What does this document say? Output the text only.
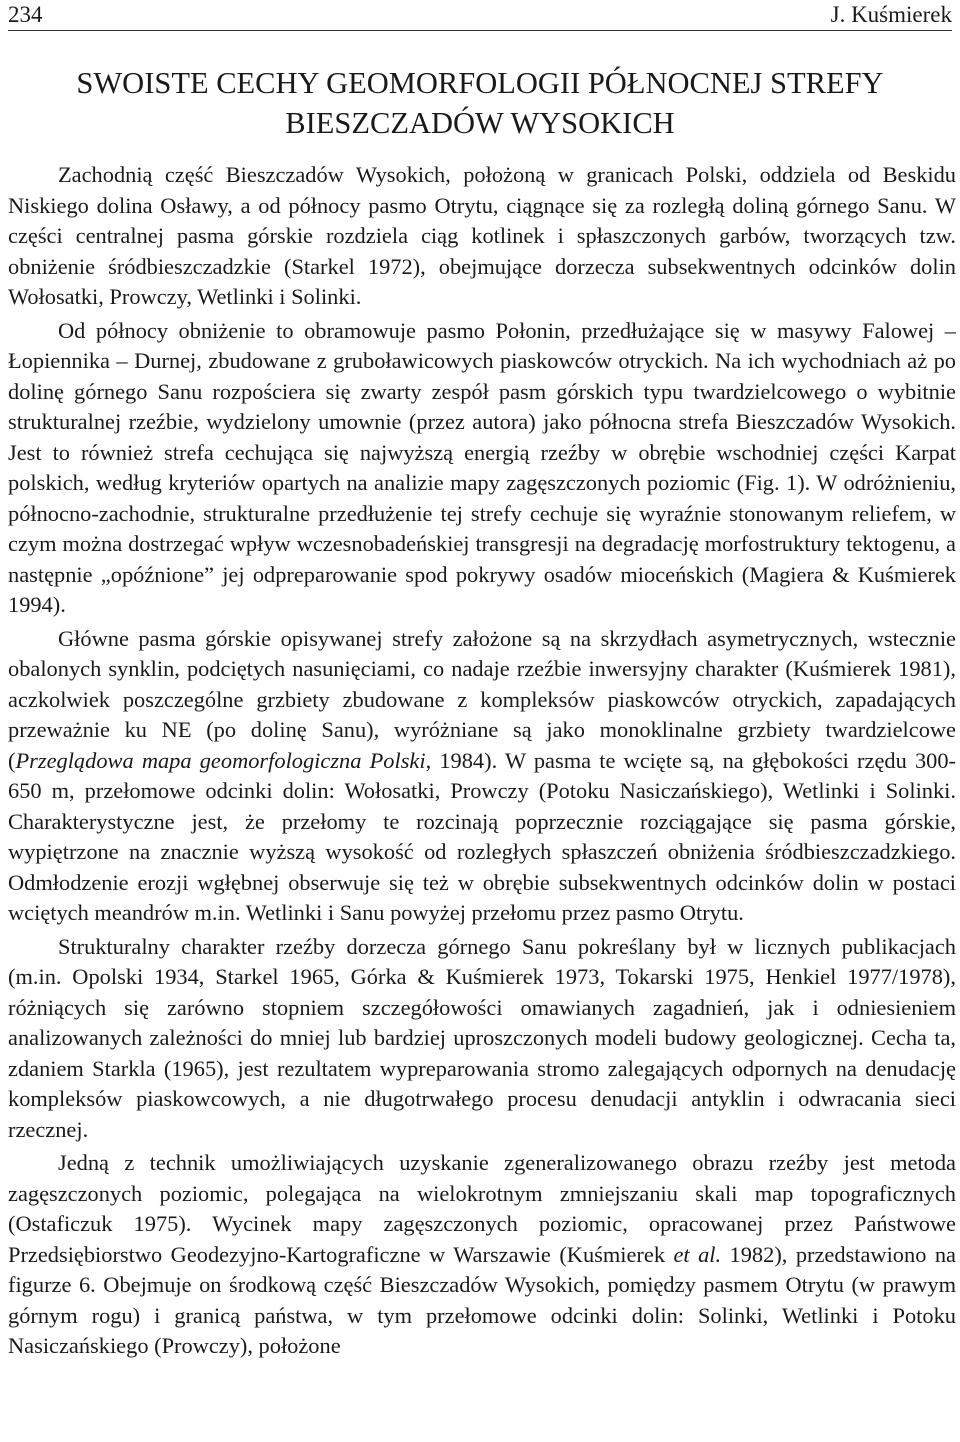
234	J. Kuśmierek
SWOISTE CECHY GEOMORFOLOGII PÓŁNOCNEJ STREFY
BIESZCZADÓW WYSOKICH

Zachodnią część Bieszczadów Wysokich, położoną w granicach Polski, oddziela od Beskidu Niskiego dolina Osławy, a od północy pasmo Otrytu, ciągnące się za rozległą doliną górnego Sanu. W części centralnej pasma górskie rozdziela ciąg kotlinek i spłaszczonych garbów, tworzących tzw. obniżenie śródbieszczadzkie (Starkel 1972), obejmujące dorzecza subsekwentnych odcinków dolin Wołosatki, Prowczy, Wetlinki i Solinki.

Od północy obniżenie to obramowuje pasmo Połonin, przedłużające się w masywy Falowej – Łopiennika – Durnej, zbudowane z gruboławicowych piaskowców otryckich. Na ich wychodniach aż po dolinę górnego Sanu rozpościera się zwarty zespół pasm górskich typu twardzielcowego o wybitnie strukturalnej rzeźbie, wydzielony umownie (przez autora) jako północna strefa Bieszczadów Wysokich. Jest to również strefa cechująca się najwyższą energią rzeźby w obrębie wschodniej części Karpat polskich, według kryteriów opartych na analizie mapy zagęszczonych poziomic (Fig. 1). W odróżnieniu, północno-zachodnie, strukturalne przedłużenie tej strefy cechuje się wyraźnie stonowanym reliefem, w czym można dostrzegać wpływ wczesnobadeńskiej transgresji na degradację morfostruktury tektogenu, a następnie „opóźnione” jej odpreparowanie spod pokrywy osadów mioceńskich (Magiera & Kuśmierek 1994).

Główne pasma górskie opisywanej strefy założone są na skrzydłach asymetrycznych, wstecznie obalonych synklin, podciętych nasunięciami, co nadaje rzeźbie inwersyjny charakter (Kuśmierek 1981), aczkolwiek poszczególne grzbiety zbudowane z kompleksów piaskowców otryckich, zapadających przeważnie ku NE (po dolinę Sanu), wyróżniane są jako monoklinalne grzbiety twardzielcowe (Przeglądowa mapa geomorfologiczna Polski, 1984). W pasma te wcięte są, na głębokości rzędu 300-650 m, przełomowe odcinki dolin: Wołosatki, Prowczy (Potoku Nasiczańskiego), Wetlinki i Solinki. Charakterystyczne jest, że przełomy te rozcinają poprzecznie rozciągające się pasma górskie, wypiętrzone na znacznie wyższą wysokość od rozległych spłaszczeń obniżenia śródbieszczadzkiego. Odmłodzenie erozji wgłębnej obserwuje się też w obrębie subsekwentnych odcinków dolin w postaci wciętych meandrów m.in. Wetlinki i Sanu powyżej przełomu przez pasmo Otrytu.

Strukturalny charakter rzeźby dorzecza górnego Sanu pokreślany był w licznych publikacjach (m.in. Opolski 1934, Starkel 1965, Górka & Kuśmierek 1973, Tokarski 1975, Henkiel 1977/1978), różniących się zarówno stopniem szczegółowości omawianych zagadnień, jak i odniesieniem analizowanych zależności do mniej lub bardziej uproszczonych modeli budowy geologicznej. Cecha ta, zdaniem Starkla (1965), jest rezultatem wypreparowania stromo zalegających odpornych na denudację kompleksów piaskowcowych, a nie długotrwałego procesu denudacji antyklin i odwracania sieci rzecznej.

Jedną z technik umożliwiających uzyskanie zgeneralizowanego obrazu rzeźby jest metoda zagęszczonych poziomic, polegająca na wielokrotnym zmniejszaniu skali map topograficznych (Ostaficzuk 1975). Wycinek mapy zagęszczonych poziomic, opracowanej przez Państwowe Przedsiębiorstwo Geodezyjno-Kartograficzne w Warszawie (Kuśmierek et al. 1982), przedstawiono na figurze 6. Obejmuje on środkową część Bieszczadów Wysokich, pomiędzy pasmem Otrytu (w prawym górnym rogu) i granicą państwa, w tym przełomowe odcinki dolin: Solinki, Wetlinki i Potoku Nasiczańskiego (Prowczy), położone
